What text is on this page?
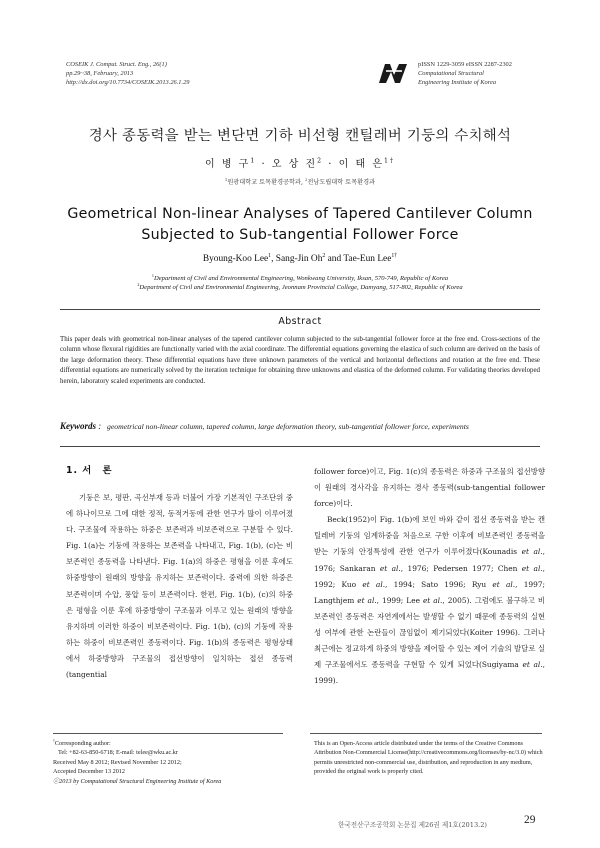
COSEIK J. Comput. Struct. Eng., 26(1)
pp.29~38, February, 2013
http://dx.doi.org/10.7734/COSEIK.2013.26.1.29
pISSN 1229-3059 eISSN 2287-2302
Computational Structural
Engineering Institute of Korea
경사 종동력을 받는 변단면 기하 비선형 캔틸레버 기둥의 수치해석
이 병 구$^1$ · 오 상 진$^2$ · 이 태 은$^{1\dagger}$
$^1$원광대학교 토목환경공학과, $^2$전남도립대학 토목환경과
Geometrical Non-linear Analyses of Tapered Cantilever Column
Subjected to Sub-tangential Follower Force
Byoung-Koo Lee$^1$, Sang-Jin Oh$^2$ and Tae-Eun Lee$^{1\dagger}$
$^1$Department of Civil and Environmental Engineering, Wonkwang University, Iksan, 570-749, Republic of Korea
$^2$Department of Civil and Environmental Engineering, Jeonnam Provincial College, Damyang, 517-802, Republic of Korea
Abstract
This paper deals with geometrical non-linear analyses of the tapered cantilever column subjected to the sub-tangential follower force at the free end. Cross-sections of the column whose flexural rigidities are functionally varied with the axial coordinate. The differential equations governing the elastica of such column are derived on the basis of the large deformation theory. These differential equations have three unknown parameters of the vertical and horizontal deflections and rotation at the free end. These differential equations are numerically solved by the iteration technique for obtaining three unknowns and elastica of the deformed column. For validating theories developed herein, laboratory scaled experiments are conducted.
Keywords : geometrical non-linear column, tapered column, large deformation theory, sub-tangential follower force, experiments
1. 서　론

기둥은 보, 평판, 곡선부재 등과 더불어 가장 기본적인 구조단위 중에 하나이므로 그에 대한 정적, 동적거동에 관한 연구가 많이 이루어졌다. 구조물에 작용하는 하중은 보존력과 비보존력으로 구분할 수 있다. Fig. 1(a)는 기둥에 작용하는 보존력을 나타내고, Fig. 1(b), (c)는 비보존력인 종동력을 나타낸다. Fig. 1(a)의 하중은 평형을 이룬 후에도 하중방향이 원래의 방향을 유지하는 보존력이다. 중력에 의한 하중은 보존력이며 수압, 풍압 등이 보존력이다. 한편, Fig. 1(b), (c)의 하중은 평형을 이룬 후에 하중방향이 구조물과 이루고 있는 원래의 방향을 유지하며 이러한 하중이 비보존력이다. Fig. 1(b), (c)의 기둥에 작용하는 하중이 비보존력인 종동력이다. Fig. 1(b)의 종동력은 평형상태에서 하중방향과 구조물의 접선방향이 일치하는 접선 종동력(tangential

follower force)이고, Fig. 1(c)의 종동력은 하중과 구조물의 접선방향이 원래의 경사각을 유지하는 경사 종동력(sub-tangential follower force)이다.

Beck(1952)이 Fig. 1(b)에 보인 바와 같이 접선 종동력을 받는 캔틸레버 기둥의 임계하중을 처음으로 구한 이후에 비보존력인 종동력을 받는 기둥의 안정특성에 관한 연구가 이루어졌다(Kounadis et al., 1976; Sankaran et al., 1976; Pedersen 1977; Chen et al., 1992; Kuo et al., 1994; Sato 1996; Ryu et al., 1997; Langthjem et al., 1999; Lee et al., 2005). 그럼에도 불구하고 비보존력인 종동력은 자연계에서는 발생할 수 없기 때문에 종동력의 실현성 여부에 관한 논란들이 끊임없이 제기되었다(Koiter 1996). 그러나 최근에는 정교하게 하중의 방향을 제어할 수 있는 제어 기술의 발달로 실제 구조물에서도 종동력을 구현할 수 있게 되었다(Sugiyama et al., 1999).

†Corresponding author:
Tel: +82-63-850-6718; E-mail: telee@wku.ac.kr
Received May 8 2012; Revised November 12 2012;
Accepted December 13 2012
ⓒ2013 by Computational Structural Engineering Institute of Korea
This is an Open-Access article distributed under the terms of the Creative Commons Attribution Non-Commercial License(http://creativecommons.org/licenses/by-nc/3.0) which permits unrestricted non-commercial use, distribution, and reproduction in any medium, provided the original work is properly cited.
한국전산구조공학회 논문집 제26권 제1호(2013.2)	29
